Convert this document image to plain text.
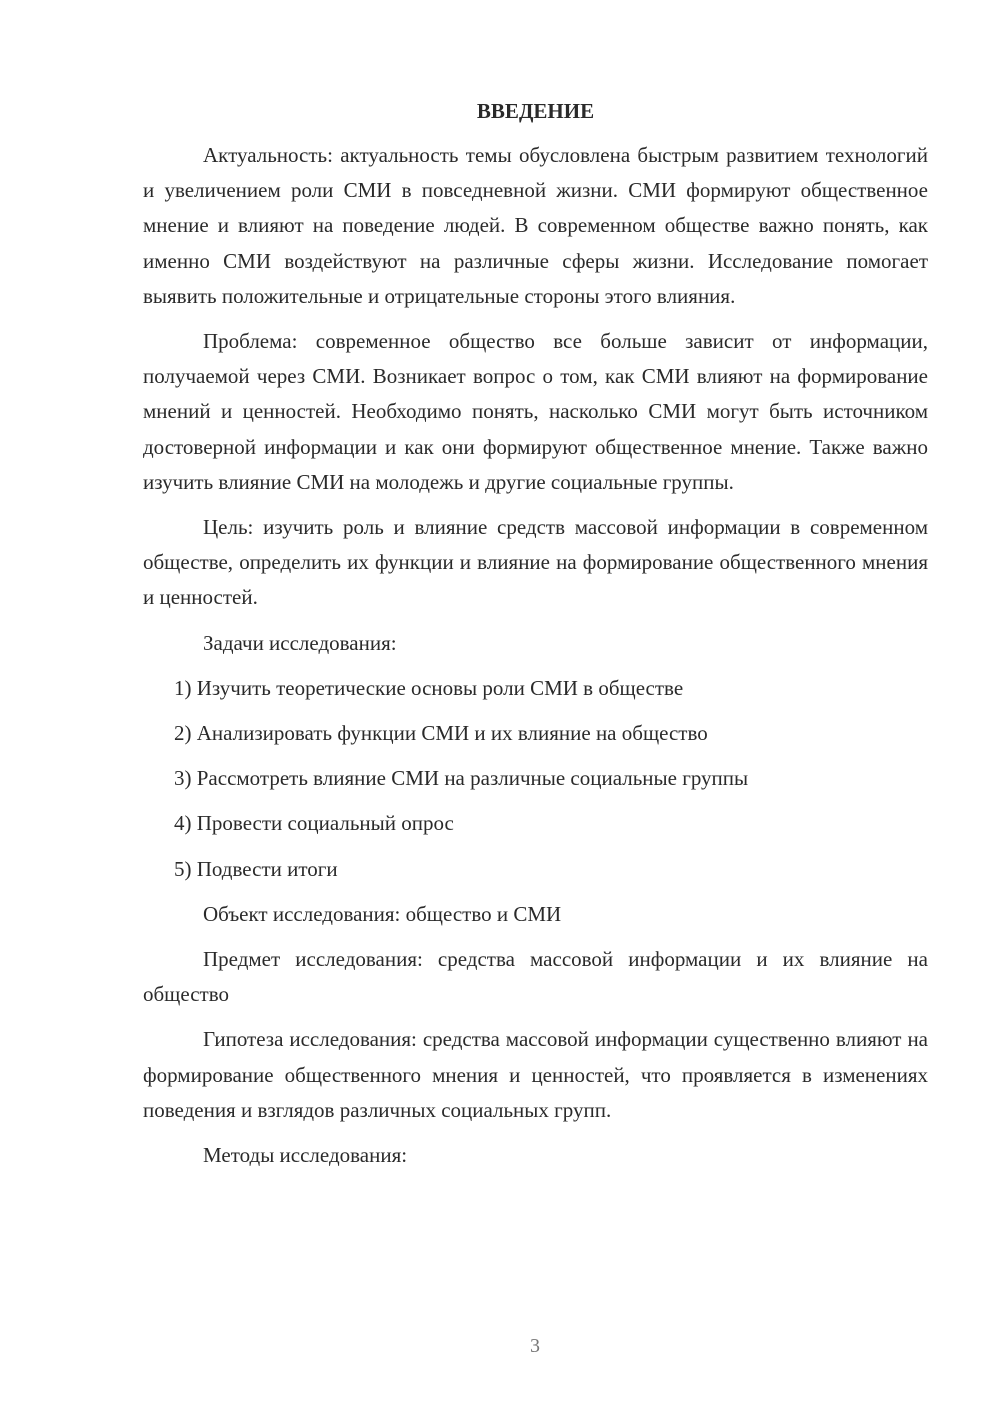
ВВЕДЕНИЕ

Актуальность: актуальность темы обусловлена быстрым развитием технологий и увеличением роли СМИ в повседневной жизни. СМИ формируют общественное мнение и влияют на поведение людей. В современном обществе важно понять, как именно СМИ воздействуют на различные сферы жизни. Исследование помогает выявить положительные и отрицательные стороны этого влияния.

Проблема: современное общество все больше зависит от информации, получаемой через СМИ. Возникает вопрос о том, как СМИ влияют на формирование мнений и ценностей. Необходимо понять, насколько СМИ могут быть источником достоверной информации и как они формируют общественное мнение. Также важно изучить влияние СМИ на молодежь и другие социальные группы.

Цель: изучить роль и влияние средств массовой информации в современном обществе, определить их функции и влияние на формирование общественного мнения и ценностей.

Задачи исследования:

1) Изучить теоретические основы роли СМИ в обществе
2) Анализировать функции СМИ и их влияние на общество
3) Рассмотреть влияние СМИ на различные социальные группы
4) Провести социальный опрос
5) Подвести итоги

Объект исследования: общество и СМИ

Предмет исследования: средства массовой информации и их влияние на общество

Гипотеза исследования: средства массовой информации существенно влияют на формирование общественного мнения и ценностей, что проявляется в изменениях поведения и взглядов различных социальных групп.

Методы исследования:

3
